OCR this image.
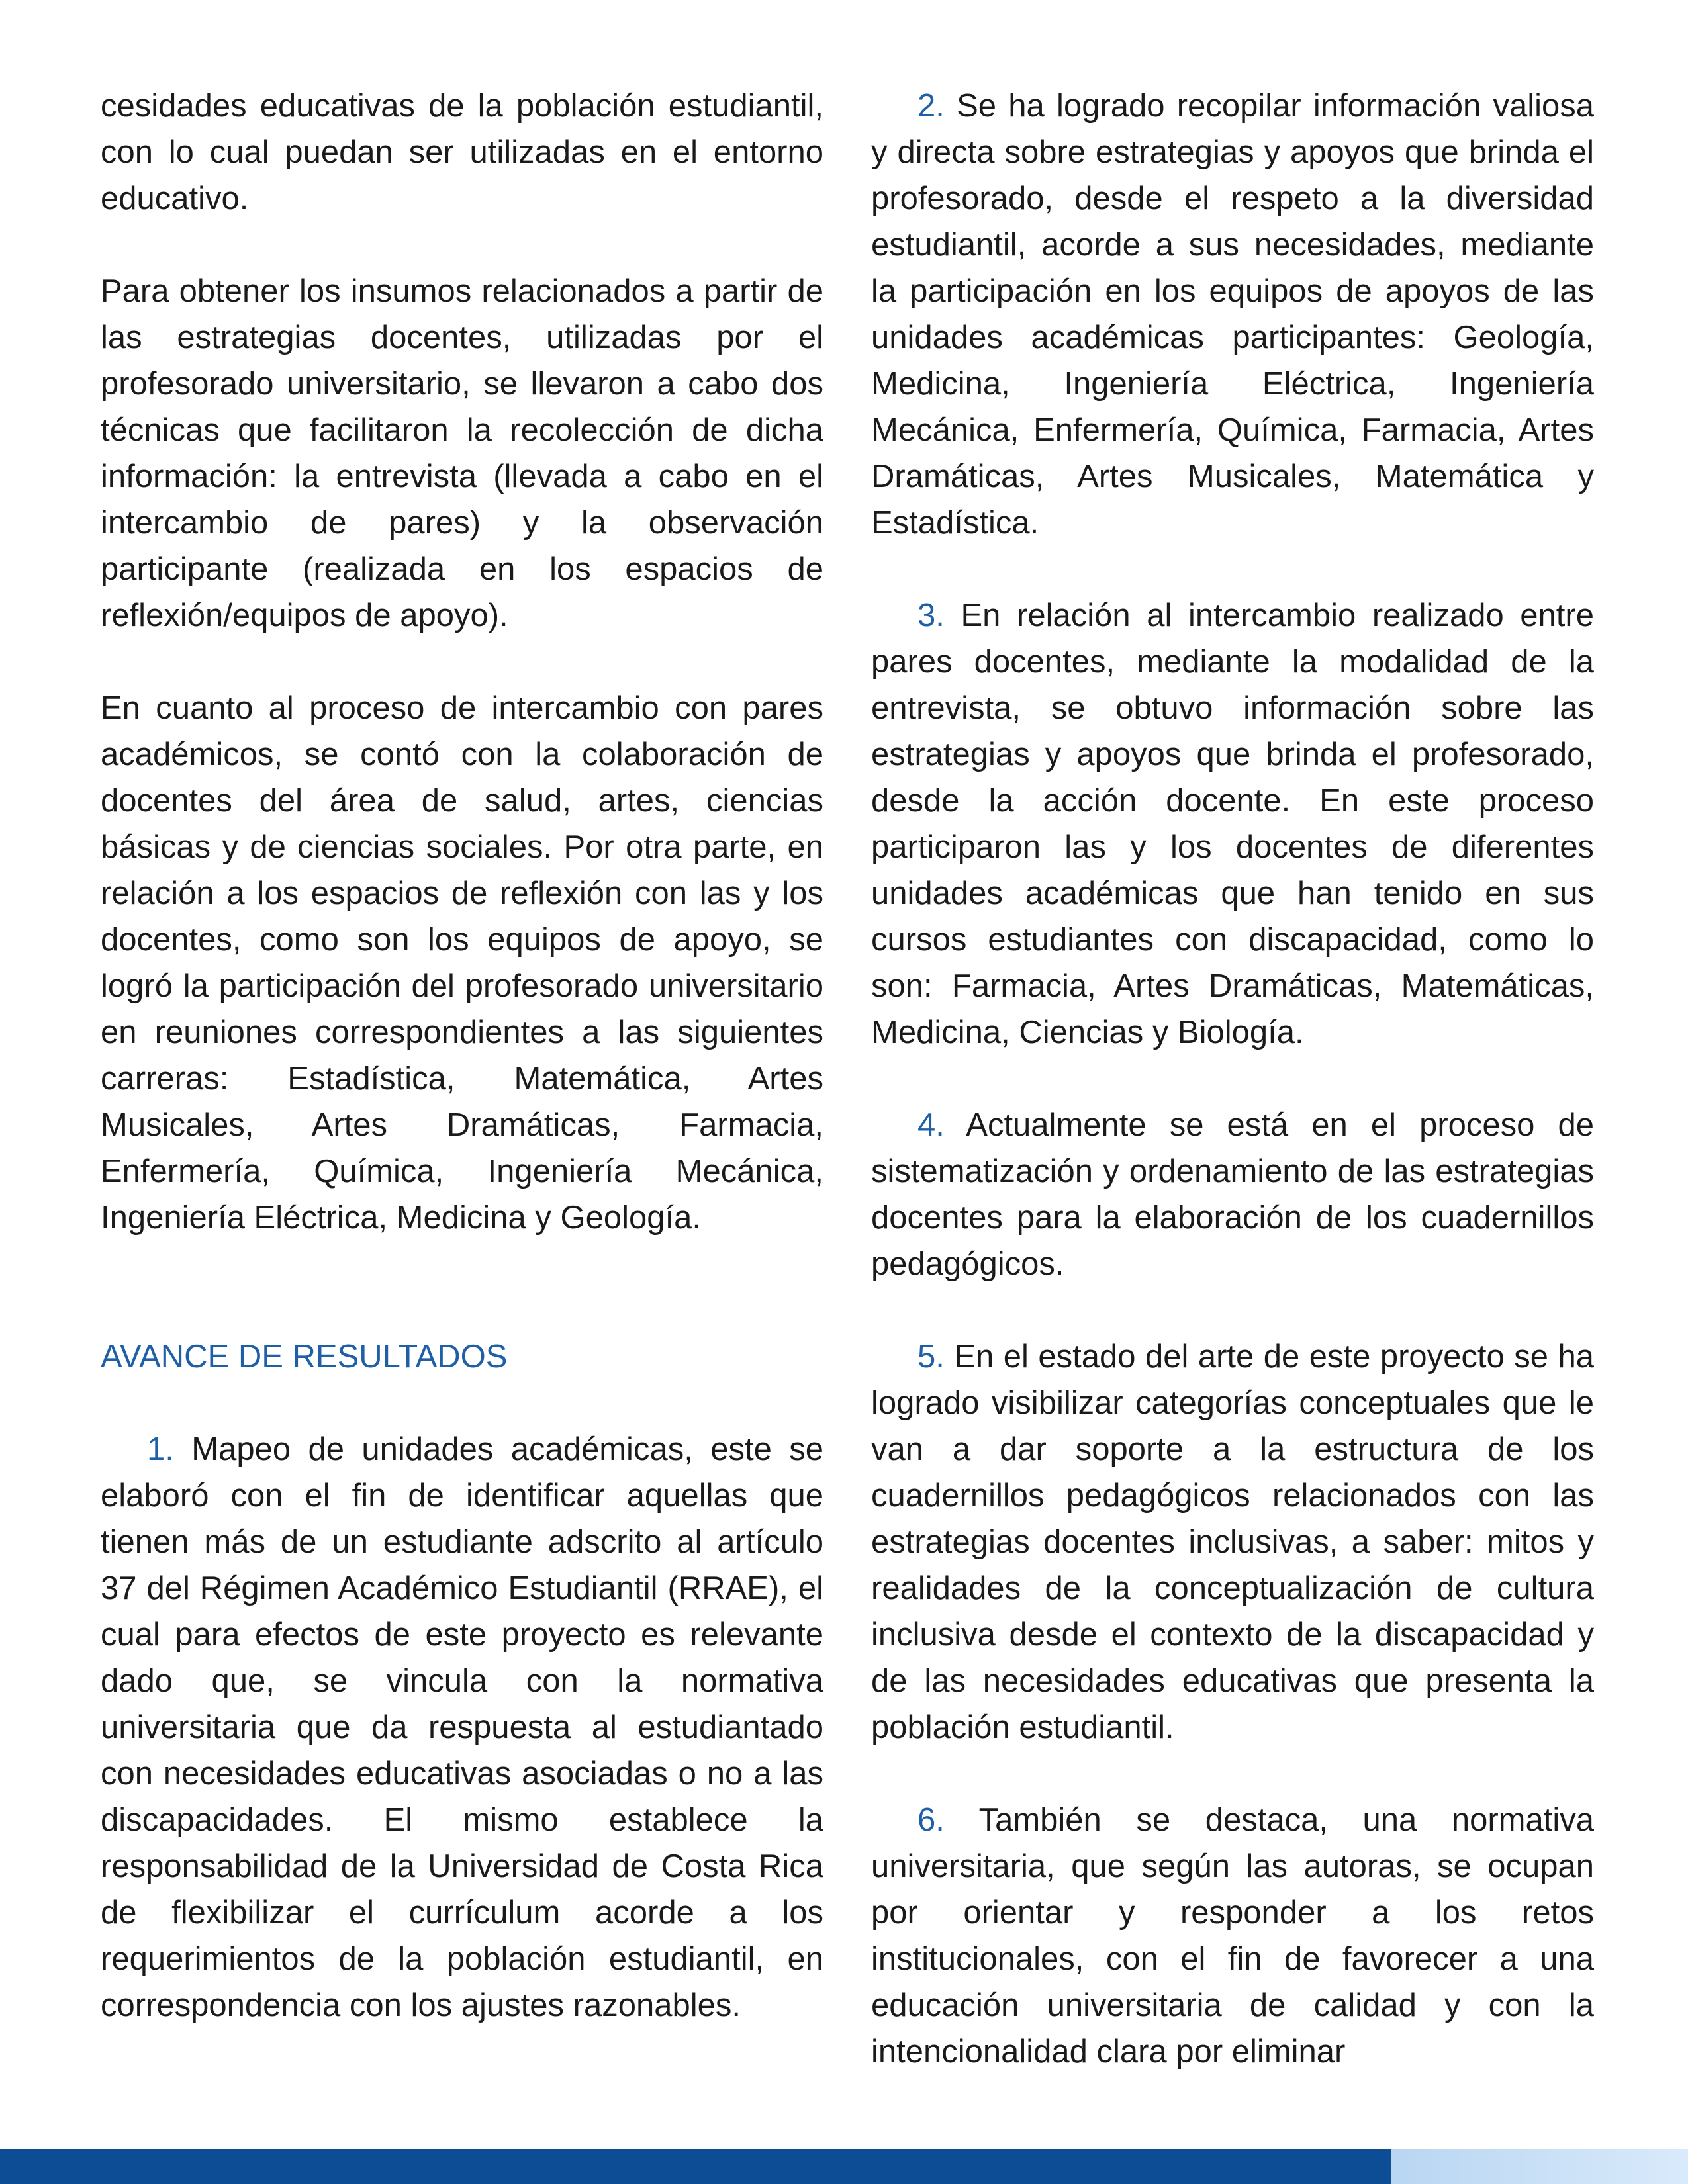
cesidades educativas de la población estudiantil, con lo cual puedan ser utilizadas en el entorno educativo.

Para obtener los insumos relacionados a partir de las estrategias docentes, utilizadas por el profesorado universitario, se llevaron a cabo dos técnicas que facilitaron la recolección de dicha información: la entrevista (llevada a cabo en el intercambio de pares) y la observación participante (realizada en los espacios de reflexión/equipos de apoyo).

En cuanto al proceso de intercambio con pares académicos, se contó con la colaboración de docentes del área de salud, artes, ciencias básicas y de ciencias sociales. Por otra parte, en relación a los espacios de reflexión con las y los docentes, como son los equipos de apoyo, se logró la participación del profesorado universitario en reuniones correspondientes a las siguientes carreras: Estadística, Matemática, Artes Musicales, Artes Dramáticas, Farmacia, Enfermería, Química, Ingeniería Mecánica, Ingeniería Eléctrica, Medicina y Geología.

AVANCE DE RESULTADOS

1. Mapeo de unidades académicas, este se elaboró con el fin de identificar aquellas que tienen más de un estudiante adscrito al artículo 37 del Régimen Académico Estudiantil (RRAE), el cual para efectos de este proyecto es relevante dado que, se vincula con la normativa universitaria que da respuesta al estudiantado con necesidades educativas asociadas o no a las discapacidades. El mismo establece la responsabilidad de la Universidad de Costa Rica de flexibilizar el currículum acorde a los requerimientos de la población estudiantil, en correspondencia con los ajustes razonables.

2. Se ha logrado recopilar información valiosa y directa sobre estrategias y apoyos que brinda el profesorado, desde el respeto a la diversidad estudiantil, acorde a sus necesidades, mediante la participación en los equipos de apoyos de las unidades académicas participantes: Geología, Medicina, Ingeniería Eléctrica, Ingeniería Mecánica, Enfermería, Química, Farmacia, Artes Dramáticas, Artes Musicales, Matemática y Estadística.

3. En relación al intercambio realizado entre pares docentes, mediante la modalidad de la entrevista, se obtuvo información sobre las estrategias y apoyos que brinda el profesorado, desde la acción docente. En este proceso participaron las y los docentes de diferentes unidades académicas que han tenido en sus cursos estudiantes con discapacidad, como lo son: Farmacia, Artes Dramáticas, Matemáticas, Medicina, Ciencias y Biología.

4. Actualmente se está en el proceso de sistematización y ordenamiento de las estrategias docentes para la elaboración de los cuadernillos pedagógicos.

5. En el estado del arte de este proyecto se ha logrado visibilizar categorías conceptuales que le van a dar soporte a la estructura de los cuadernillos pedagógicos relacionados con las estrategias docentes inclusivas, a saber: mitos y realidades de la conceptualización de cultura inclusiva desde el contexto de la discapacidad y de las necesidades educativas que presenta la población estudiantil.

6. También se destaca, una normativa universitaria, que según las autoras, se ocupan por orientar y responder a los retos institucionales, con el fin de favorecer a una educación universitaria de calidad y con la intencionalidad clara por eliminar
